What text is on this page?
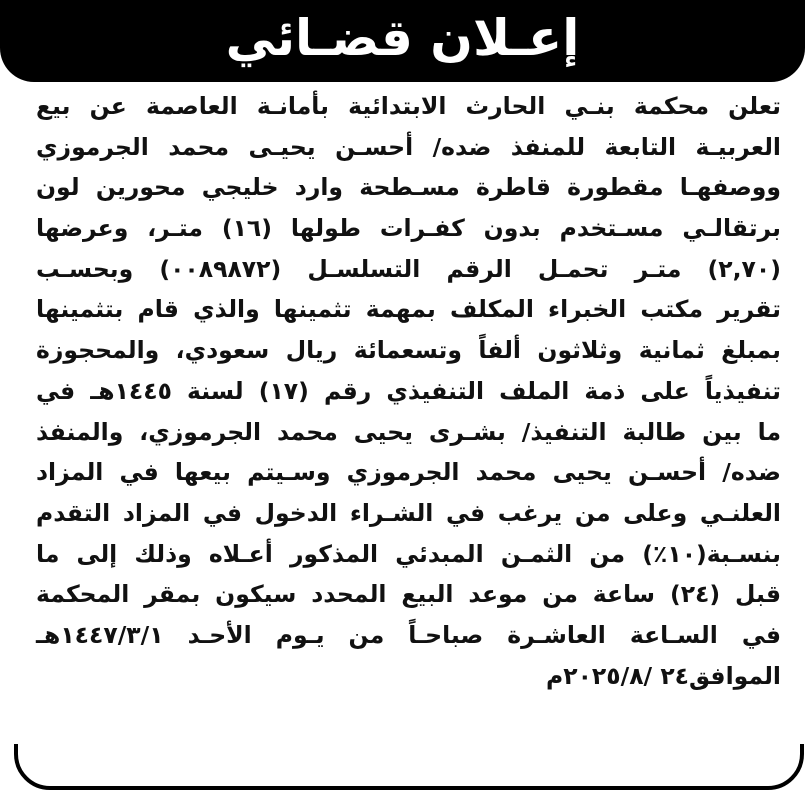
إعـلان قضـائي
تعلن محكمة بنـي الحارث الابتدائية بأمانـة العاصمة عن بيع
العربيـة التابعة للمنفذ ضده/ أحسـن يحيـى محمد الجرموزي
ووصفهـا مقطورة قاطرة مسـطحة وارد خليجي محورين لون
برتقالـي مسـتخدم بدون كفـرات طولها (١٦) متـر، وعرضها
(٢,٧٠) متـر تحمـل الرقم التسلسـل (٠٠٨٩٨٧٢) وبحسـب
تقرير مكتب الخبراء المكلف بمهمة تثمينها والذي قام بتثمينها
بمبلغ ثمانية وثلاثون ألفاً وتسعمائة ريال سعودي، والمحجوزة
تنفيذياً على ذمة الملف التنفيذي رقم (١٧) لسنة ١٤٤٥هـ في
ما بين طالبة التنفيذ/ بشـرى يحيى محمد الجرموزي، والمنفذ
ضده/ أحسـن يحيى محمد الجرموزي وسـيتم بيعها في المزاد
العلنـي وعلى من يرغب في الشـراء الدخول في المزاد التقدم
بنسـبة(١٠٪) من الثمـن المبدئي المذكور أعـلاه وذلك إلى ما
قبل (٢٤) ساعة من موعد البيع المحدد سيكون بمقر المحكمة
في السـاعة العاشـرة صباحـاً من يـوم الأحـد ١٤٤٧/٣/١هـ
الموافق٢٤ /٢٠٢٥/٨م
